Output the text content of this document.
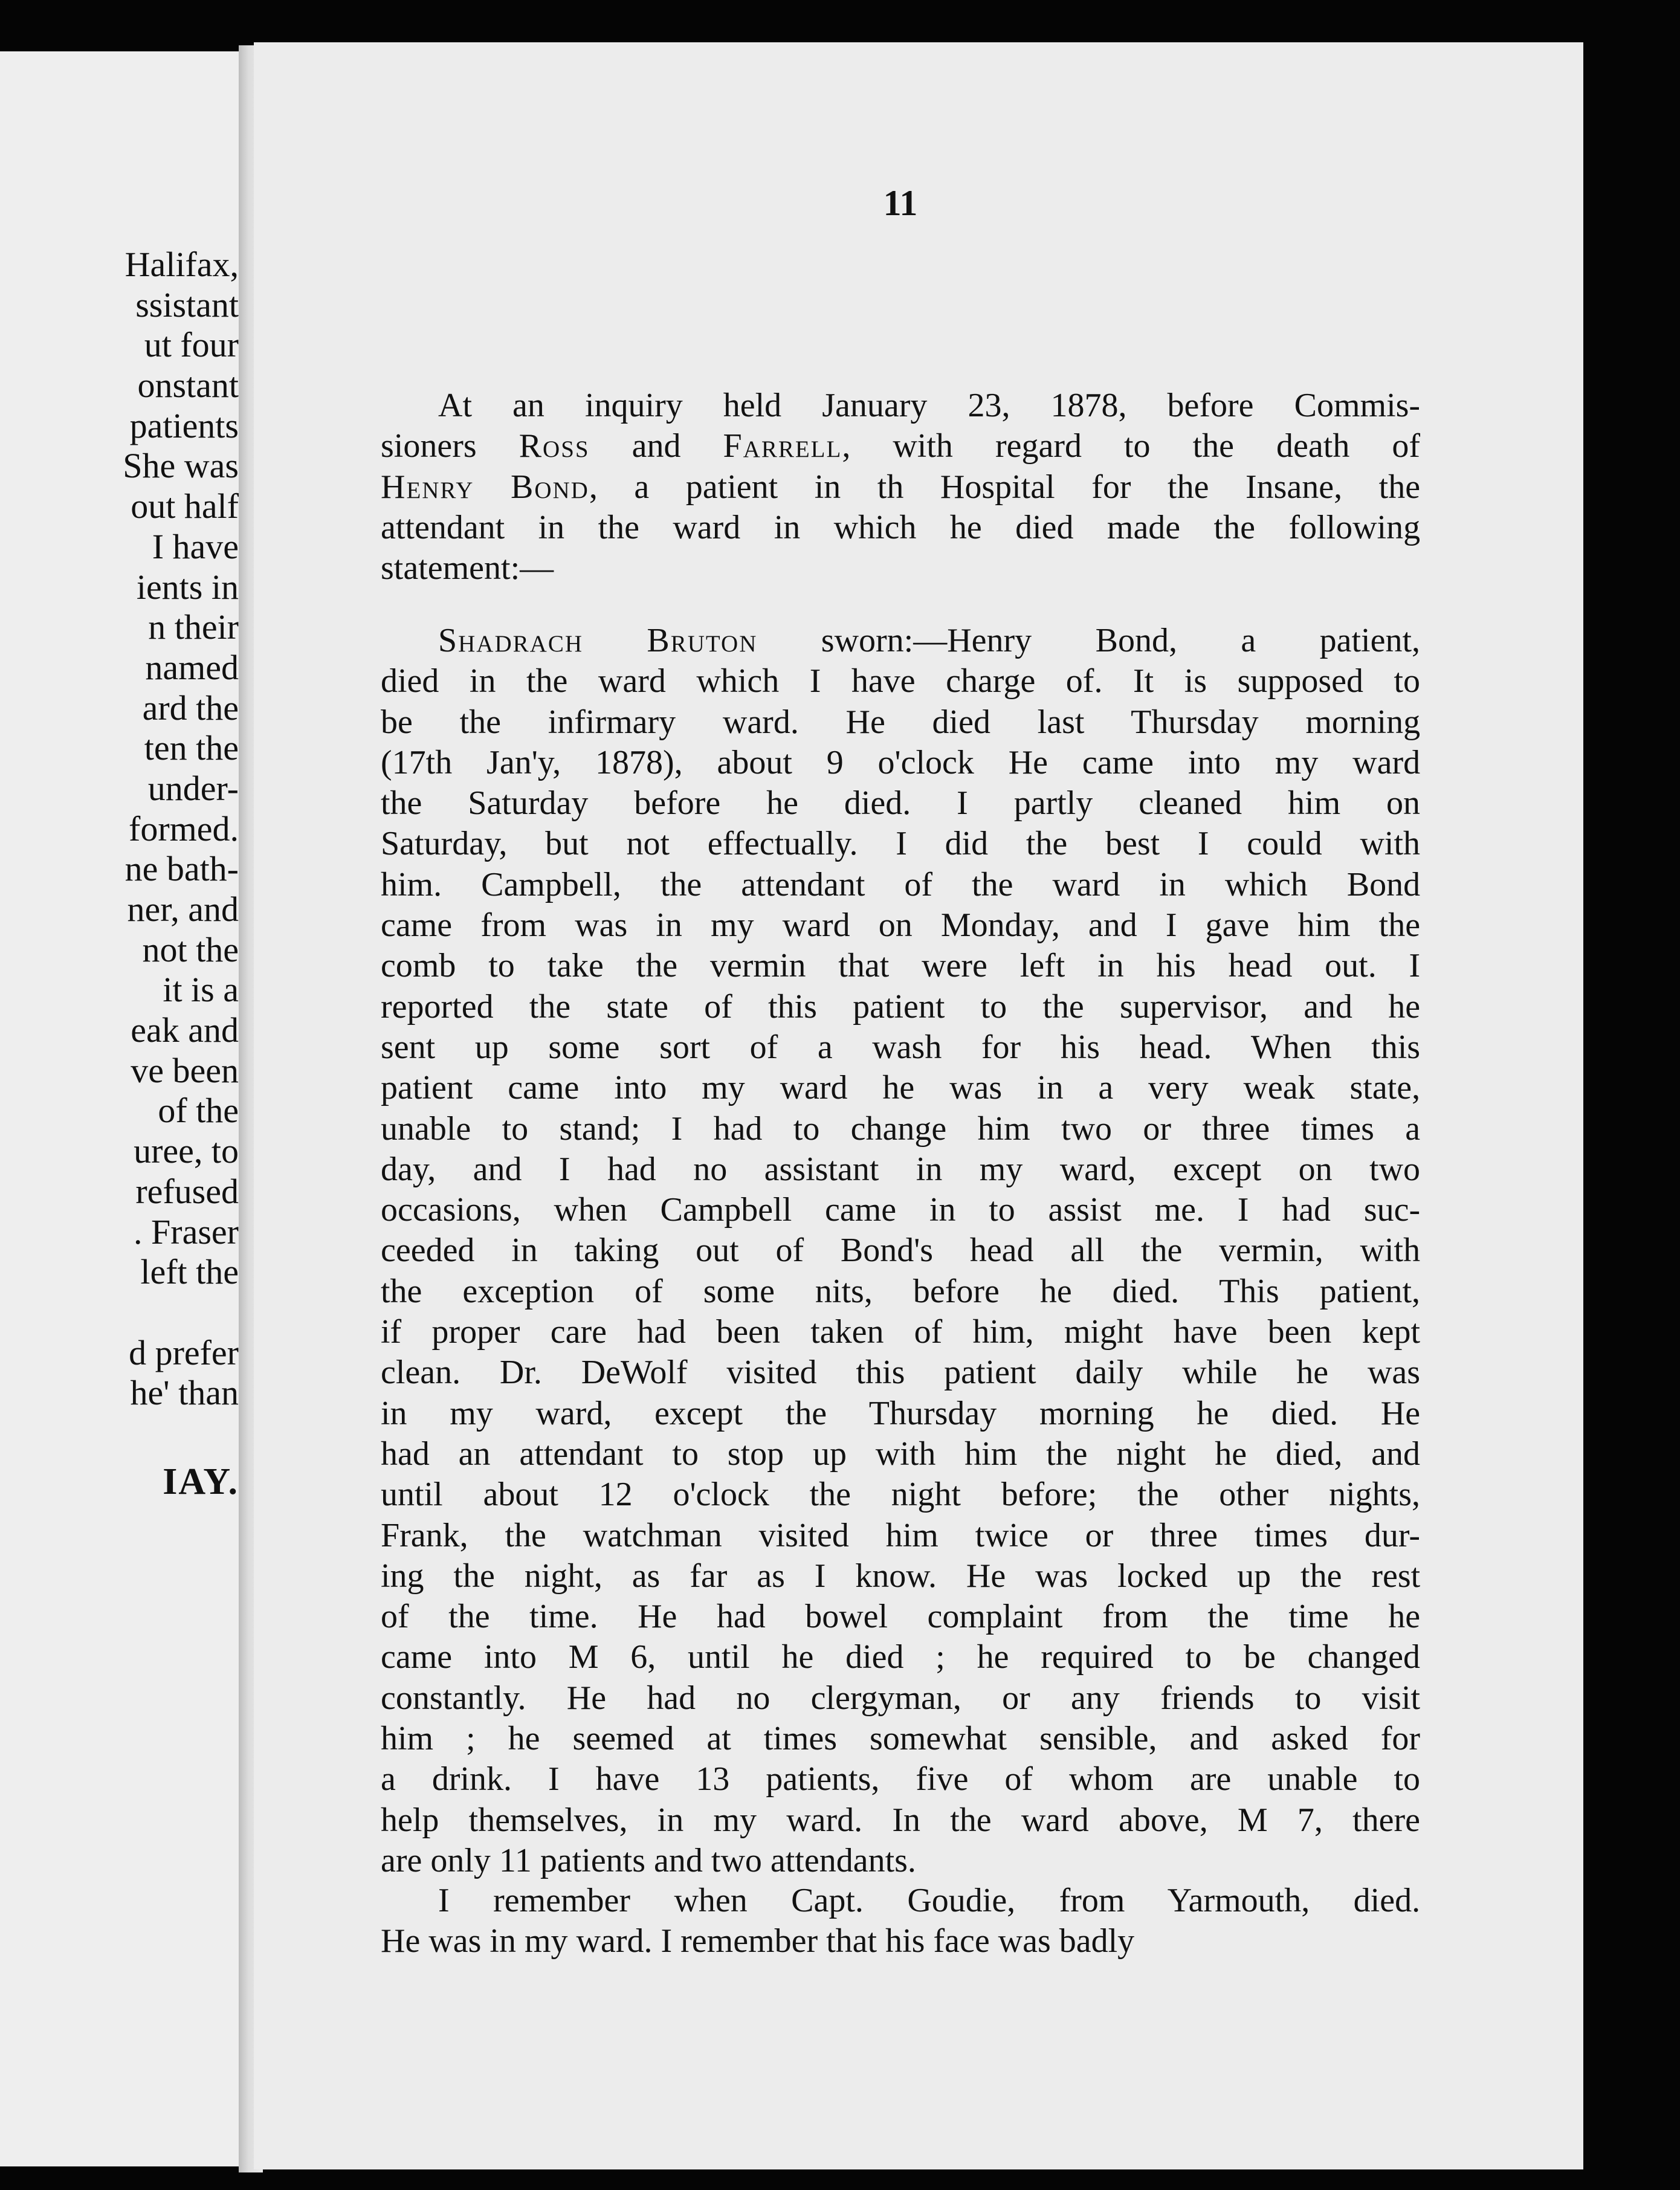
Halifax,
ssistant
ut four
onstant
patients
She was
out half
I have
ients in
n their
named
ard the
ten the
under-
formed.
ne bath-
ner, and
not the
it is a
eak and
ve been
of the
uree, to
refused
. Fraser
left the
d prefer
he' than
IAY.
11
At an inquiry held January 23, 1878, before Commis-
sioners Ross and Farrell, with regard to the death of
Henry Bond, a patient in th Hospital for the Insane, the
attendant in the ward in which he died made the following
statement:—
Shadrach Bruton sworn:—Henry Bond, a patient,
died in the ward which I have charge of. It is supposed to
be the infirmary ward. He died last Thursday morning
(17th Jan'y, 1878), about 9 o'clock He came into my ward
the Saturday before he died. I partly cleaned him on
Saturday, but not effectually. I did the best I could with
him. Campbell, the attendant of the ward in which Bond
came from was in my ward on Monday, and I gave him the
comb to take the vermin that were left in his head out. I
reported the state of this patient to the supervisor, and he
sent up some sort of a wash for his head. When this
patient came into my ward he was in a very weak state,
unable to stand; I had to change him two or three times a
day, and I had no assistant in my ward, except on two
occasions, when Campbell came in to assist me. I had suc-
ceeded in taking out of Bond's head all the vermin, with
the exception of some nits, before he died. This patient,
if proper care had been taken of him, might have been kept
clean. Dr. DeWolf visited this patient daily while he was
in my ward, except the Thursday morning he died. He
had an attendant to stop up with him the night he died, and
until about 12 o'clock the night before; the other nights,
Frank, the watchman visited him twice or three times dur-
ing the night, as far as I know. He was locked up the rest
of the time. He had bowel complaint from the time he
came into M 6, until he died ; he required to be changed
constantly. He had no clergyman, or any friends to visit
him ; he seemed at times somewhat sensible, and asked for
a drink. I have 13 patients, five of whom are unable to
help themselves, in my ward. In the ward above, M 7, there
are only 11 patients and two attendants.
I remember when Capt. Goudie, from Yarmouth, died.
He was in my ward. I remember that his face was badly
